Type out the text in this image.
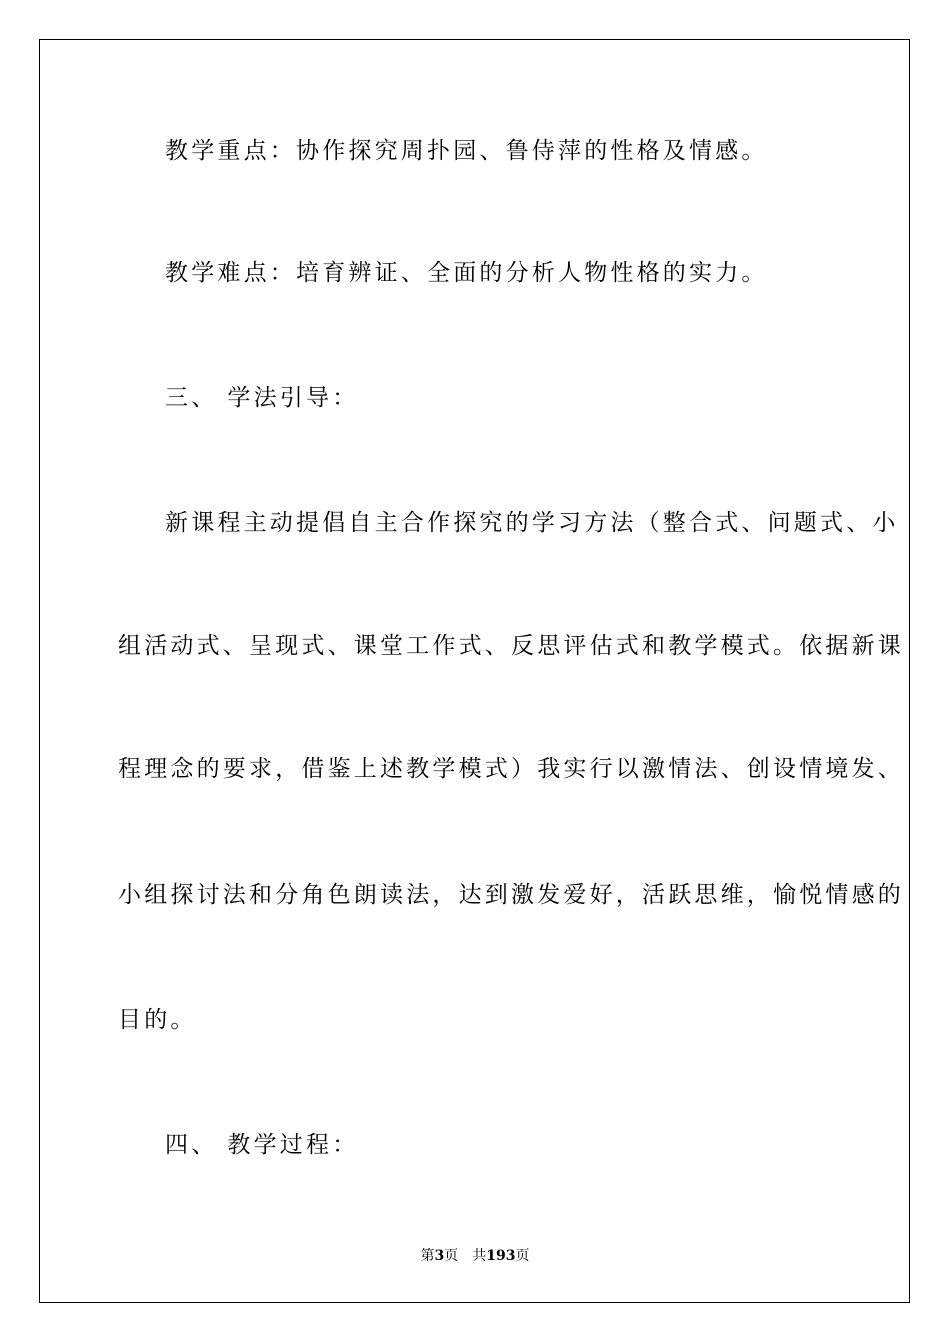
教学重点：协作探究周扑园、鲁侍萍的性格及情感。
教学难点：培育辨证、全面的分析人物性格的实力。
三、 学法引导：
新课程主动提倡自主合作探究的学习方法（整合式、问题式、小
组活动式、呈现式、课堂工作式、反思评估式和教学模式。依据新课
程理念的要求，借鉴上述教学模式）我实行以激情法、创设情境发、
小组探讨法和分角色朗读法，达到激发爱好，活跃思维，愉悦情感的
目的。
四、 教学过程：
第3页 共193页
